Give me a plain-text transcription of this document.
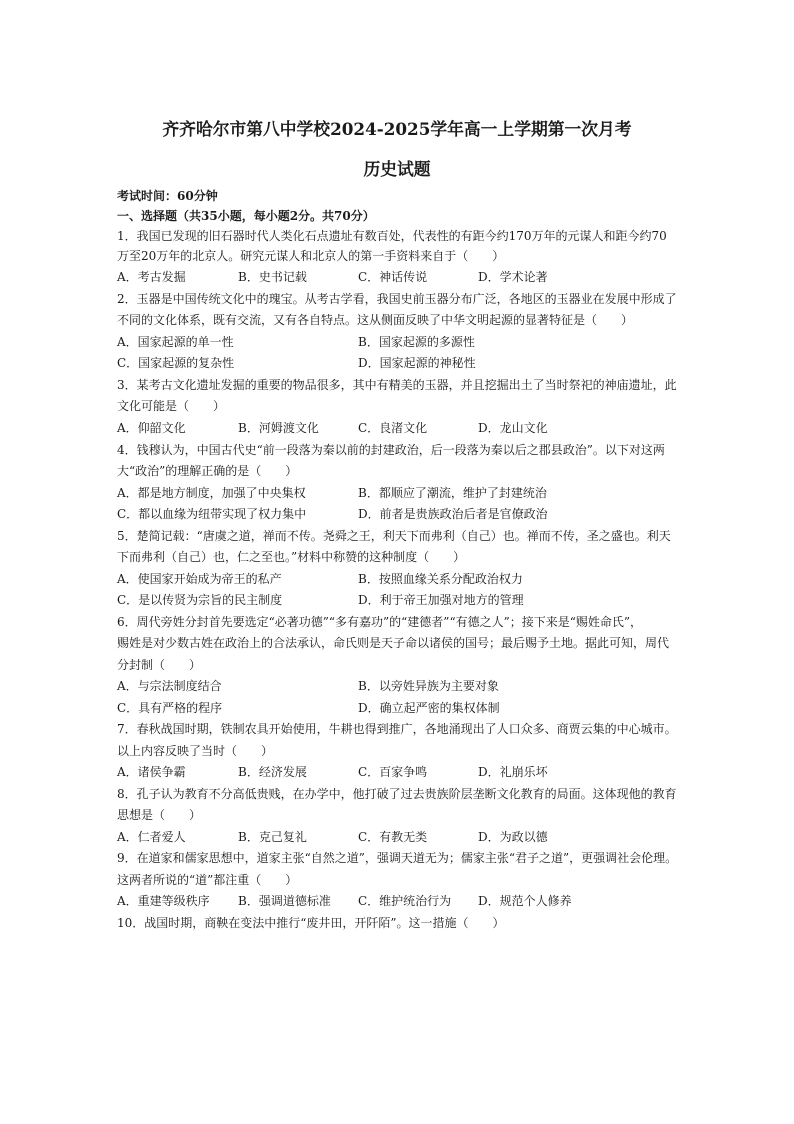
齐齐哈尔市第八中学校2024-2025学年高一上学期第一次月考
历史试题
考试时间：60分钟
一、选择题（共35小题，每小题2分。共70分）
1．我国已发现的旧石器时代人类化石点遗址有数百处，代表性的有距今约170万年的元谋人和距今约70
万至20万年的北京人。研究元谋人和北京人的第一手资料来自于（　　）
A．考古发掘	B．史书记载	C．神话传说	D．学术论著
2．玉器是中国传统文化中的瑰宝。从考古学看，我国史前玉器分布广泛，各地区的玉器业在发展中形成了
不同的文化体系，既有交流，又有各自特点。这从侧面反映了中华文明起源的显著特征是（　　）
A．国家起源的单一性	B．国家起源的多源性
C．国家起源的复杂性	D．国家起源的神秘性
3．某考古文化遗址发掘的重要的物品很多，其中有精美的玉器，并且挖掘出土了当时祭祀的神庙遗址，此
文化可能是（　　）
A．仰韶文化	B．河姆渡文化	C．良渚文化	D．龙山文化
4．钱穆认为，中国古代史“前一段落为秦以前的封建政治，后一段落为秦以后之郡县政治”。以下对这两
大“政治”的理解正确的是（　　）
A．都是地方制度，加强了中央集权	B．都顺应了潮流，维护了封建统治
C．都以血缘为纽带实现了权力集中	D．前者是贵族政治后者是官僚政治
5．楚简记载：“唐虞之道，禅而不传。尧舜之王，利天下而弗利（自己）也。禅而不传，圣之盛也。利天
下而弗利（自己）也，仁之至也。”材料中称赞的这种制度（　　）
A．使国家开始成为帝王的私产	B．按照血缘关系分配政治权力
C．是以传贤为宗旨的民主制度	D．利于帝王加强对地方的管理
6．周代旁姓分封首先要选定“必著功德”“多有嘉功”的“建德者”“有德之人”；接下来是“赐姓命氏”，
赐姓是对少数古姓在政治上的合法承认，命氏则是天子命以诸侯的国号；最后赐予土地。据此可知，周代
分封制（　　）
A．与宗法制度结合	B．以旁姓异族为主要对象
C．具有严格的程序	D．确立起严密的集权体制
7．春秋战国时期，铁制农具开始使用，牛耕也得到推广，各地涌现出了人口众多、商贾云集的中心城市。
以上内容反映了当时（　　）
A．诸侯争霸	B．经济发展	C．百家争鸣	D．礼崩乐坏
8．孔子认为教育不分高低贵贱，在办学中，他打破了过去贵族阶层垄断文化教育的局面。这体现他的教育
思想是（　　）
A．仁者爱人	B．克己复礼	C．有教无类	D．为政以德
9．在道家和儒家思想中，道家主张“自然之道”，强调天道无为；儒家主张“君子之道”，更强调社会伦理。
这两者所说的“道”都注重（　　）
A．重建等级秩序 B．强调道德标准 C．维护统治行为 D．规范个人修养
10．战国时期，商鞅在变法中推行“废井田，开阡陌”。这一措施（　　）
